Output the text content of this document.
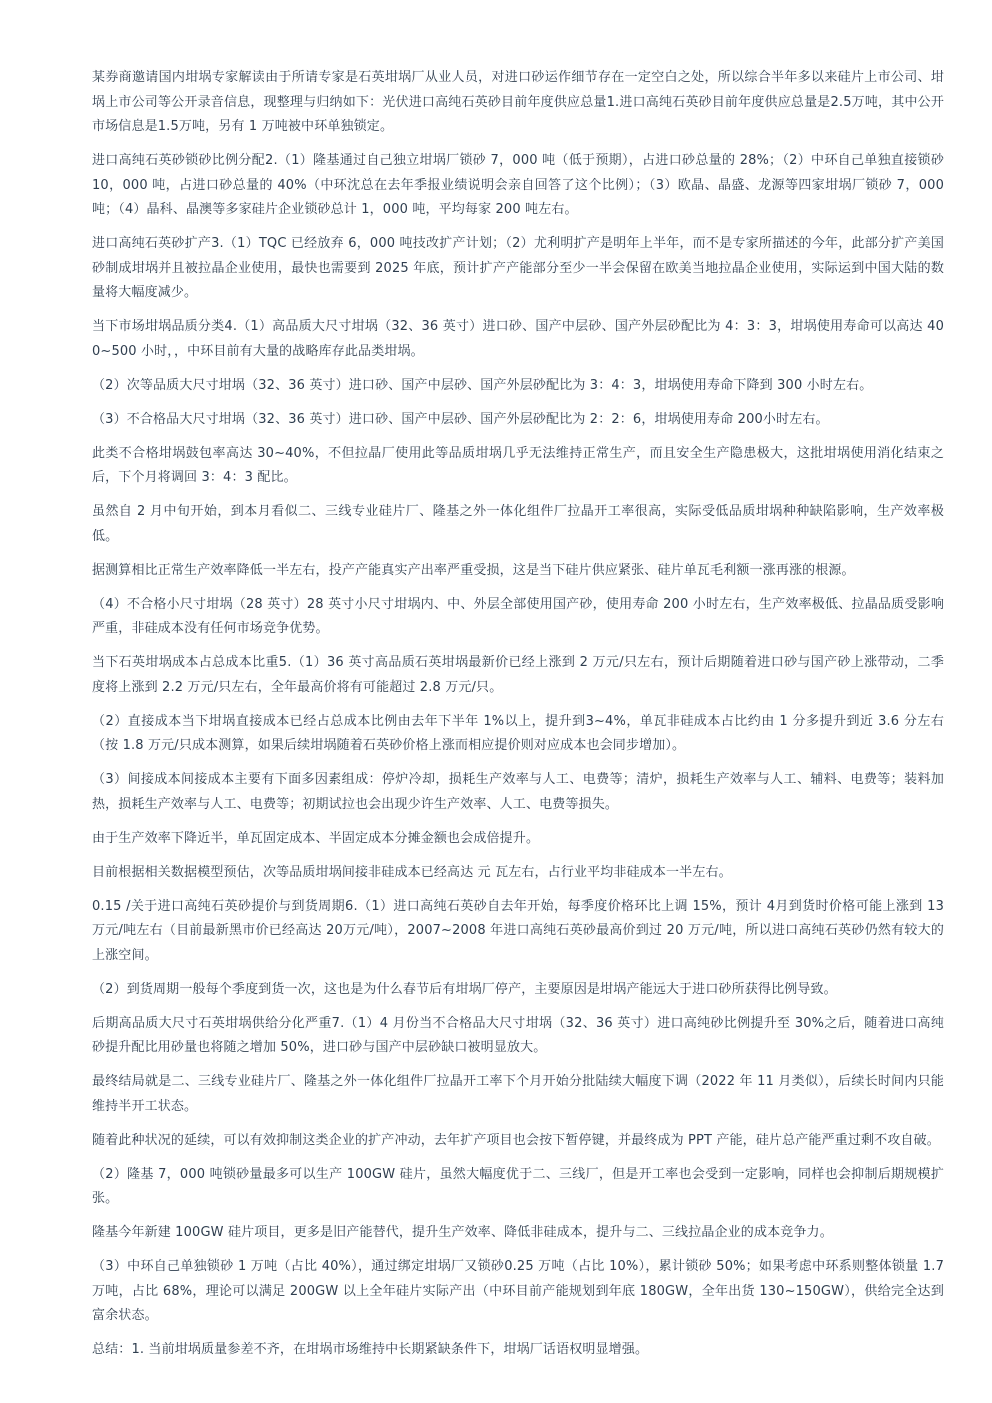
某券商邀请国内坩埚专家解读由于所请专家是石英坩埚厂从业人员，对进口砂运作细节存在一定空白之处，所以综合半年多以来硅片上市公司、坩埚上市公司等公开录音信息，现整理与归纳如下：光伏进口高纯石英砂目前年度供应总量1.进口高纯石英砂目前年度供应总量是2.5万吨，其中公开市场信息是1.5万吨，另有 1 万吨被中环单独锁定。

进口高纯石英砂锁砂比例分配2.（1）隆基通过自己独立坩埚厂锁砂 7，000 吨（低于预期），占进口砂总量的 28%；（2）中环自己单独直接锁砂 10，000 吨，占进口砂总量的 40%（中环沈总在去年季报业绩说明会亲自回答了这个比例）；（3）欧晶、晶盛、龙源等四家坩埚厂锁砂 7，000 吨；（4）晶科、晶澳等多家硅片企业锁砂总计 1，000 吨，平均每家 200 吨左右。

进口高纯石英砂扩产3.（1）TQC 已经放弃 6，000 吨技改扩产计划；（2）尤利明扩产是明年上半年，而不是专家所描述的今年，此部分扩产美国砂制成坩埚并且被拉晶企业使用，最快也需要到 2025 年底，预计扩产产能部分至少一半会保留在欧美当地拉晶企业使用，实际运到中国大陆的数量将大幅度减少。

当下市场坩埚品质分类4.（1）高品质大尺寸坩埚（32、36 英寸）进口砂、国产中层砂、国产外层砂配比为 4：3：3，坩埚使用寿命可以高达 400~500 小时，，中环目前有大量的战略库存此品类坩埚。

（2）次等品质大尺寸坩埚（32、36 英寸）进口砂、国产中层砂、国产外层砂配比为 3：4：3，坩埚使用寿命下降到 300 小时左右。

（3）不合格品大尺寸坩埚（32、36 英寸）进口砂、国产中层砂、国产外层砂配比为 2：2：6，坩埚使用寿命 200小时左右。

此类不合格坩埚鼓包率高达 30~40%，不但拉晶厂使用此等品质坩埚几乎无法维持正常生产，而且安全生产隐患极大，这批坩埚使用消化结束之后，下个月将调回 3：4：3 配比。

虽然自 2 月中旬开始，到本月看似二、三线专业硅片厂、隆基之外一体化组件厂拉晶开工率很高，实际受低品质坩埚种种缺陷影响，生产效率极低。

据测算相比正常生产效率降低一半左右，投产产能真实产出率严重受损，这是当下硅片供应紧张、硅片单瓦毛利额一涨再涨的根源。

（4）不合格小尺寸坩埚（28 英寸）28 英寸小尺寸坩埚内、中、外层全部使用国产砂，使用寿命 200 小时左右，生产效率极低、拉晶品质受影响严重，非硅成本没有任何市场竞争优势。

当下石英坩埚成本占总成本比重5.（1）36 英寸高品质石英坩埚最新价已经上涨到 2 万元/只左右，预计后期随着进口砂与国产砂上涨带动，二季度将上涨到 2.2 万元/只左右，全年最高价将有可能超过 2.8 万元/只。

（2）直接成本当下坩埚直接成本已经占总成本比例由去年下半年 1%以上，提升到3~4%，单瓦非硅成本占比约由 1 分多提升到近 3.6 分左右（按 1.8 万元/只成本测算，如果后续坩埚随着石英砂价格上涨而相应提价则对应成本也会同步增加）。

（3）间接成本间接成本主要有下面多因素组成：停炉冷却，损耗生产效率与人工、电费等；清炉，损耗生产效率与人工、辅料、电费等；装料加热，损耗生产效率与人工、电费等；初期试拉也会出现少许生产效率、人工、电费等损失。

由于生产效率下降近半，单瓦固定成本、半固定成本分摊金额也会成倍提升。

目前根据相关数据模型预估，次等品质坩埚间接非硅成本已经高达 元 瓦左右，占行业平均非硅成本一半左右。

0.15 /关于进口高纯石英砂提价与到货周期6.（1）进口高纯石英砂自去年开始，每季度价格环比上调 15%，预计 4月到货时价格可能上涨到 13 万元/吨左右（目前最新黑市价已经高达 20万元/吨），2007~2008 年进口高纯石英砂最高价到过 20 万元/吨，所以进口高纯石英砂仍然有较大的上涨空间。

（2）到货周期一般每个季度到货一次，这也是为什么春节后有坩埚厂停产，主要原因是坩埚产能远大于进口砂所获得比例导致。

后期高品质大尺寸石英坩埚供给分化严重7.（1）4 月份当不合格品大尺寸坩埚（32、36 英寸）进口高纯砂比例提升至 30%之后，随着进口高纯砂提升配比用砂量也将随之增加 50%，进口砂与国产中层砂缺口被明显放大。

最终结局就是二、三线专业硅片厂、隆基之外一体化组件厂拉晶开工率下个月开始分批陆续大幅度下调（2022 年 11 月类似），后续长时间内只能维持半开工状态。

随着此种状况的延续，可以有效抑制这类企业的扩产冲动，去年扩产项目也会按下暂停键，并最终成为 PPT 产能，硅片总产能严重过剩不攻自破。

（2）隆基 7，000 吨锁砂量最多可以生产 100GW 硅片，虽然大幅度优于二、三线厂，但是开工率也会受到一定影响，同样也会抑制后期规模扩张。

隆基今年新建 100GW 硅片项目，更多是旧产能替代，提升生产效率、降低非硅成本，提升与二、三线拉晶企业的成本竞争力。

（3）中环自己单独锁砂 1 万吨（占比 40%），通过绑定坩埚厂又锁砂0.25 万吨（占比 10%），累计锁砂 50%；如果考虑中环系则整体锁量 1.7 万吨，占比 68%，理论可以满足 200GW 以上全年硅片实际产出（中环目前产能规划到年底 180GW，全年出货 130~150GW），供给完全达到富余状态。

总结：1. 当前坩埚质量参差不齐，在坩埚市场维持中长期紧缺条件下，坩埚厂话语权明显增强。
